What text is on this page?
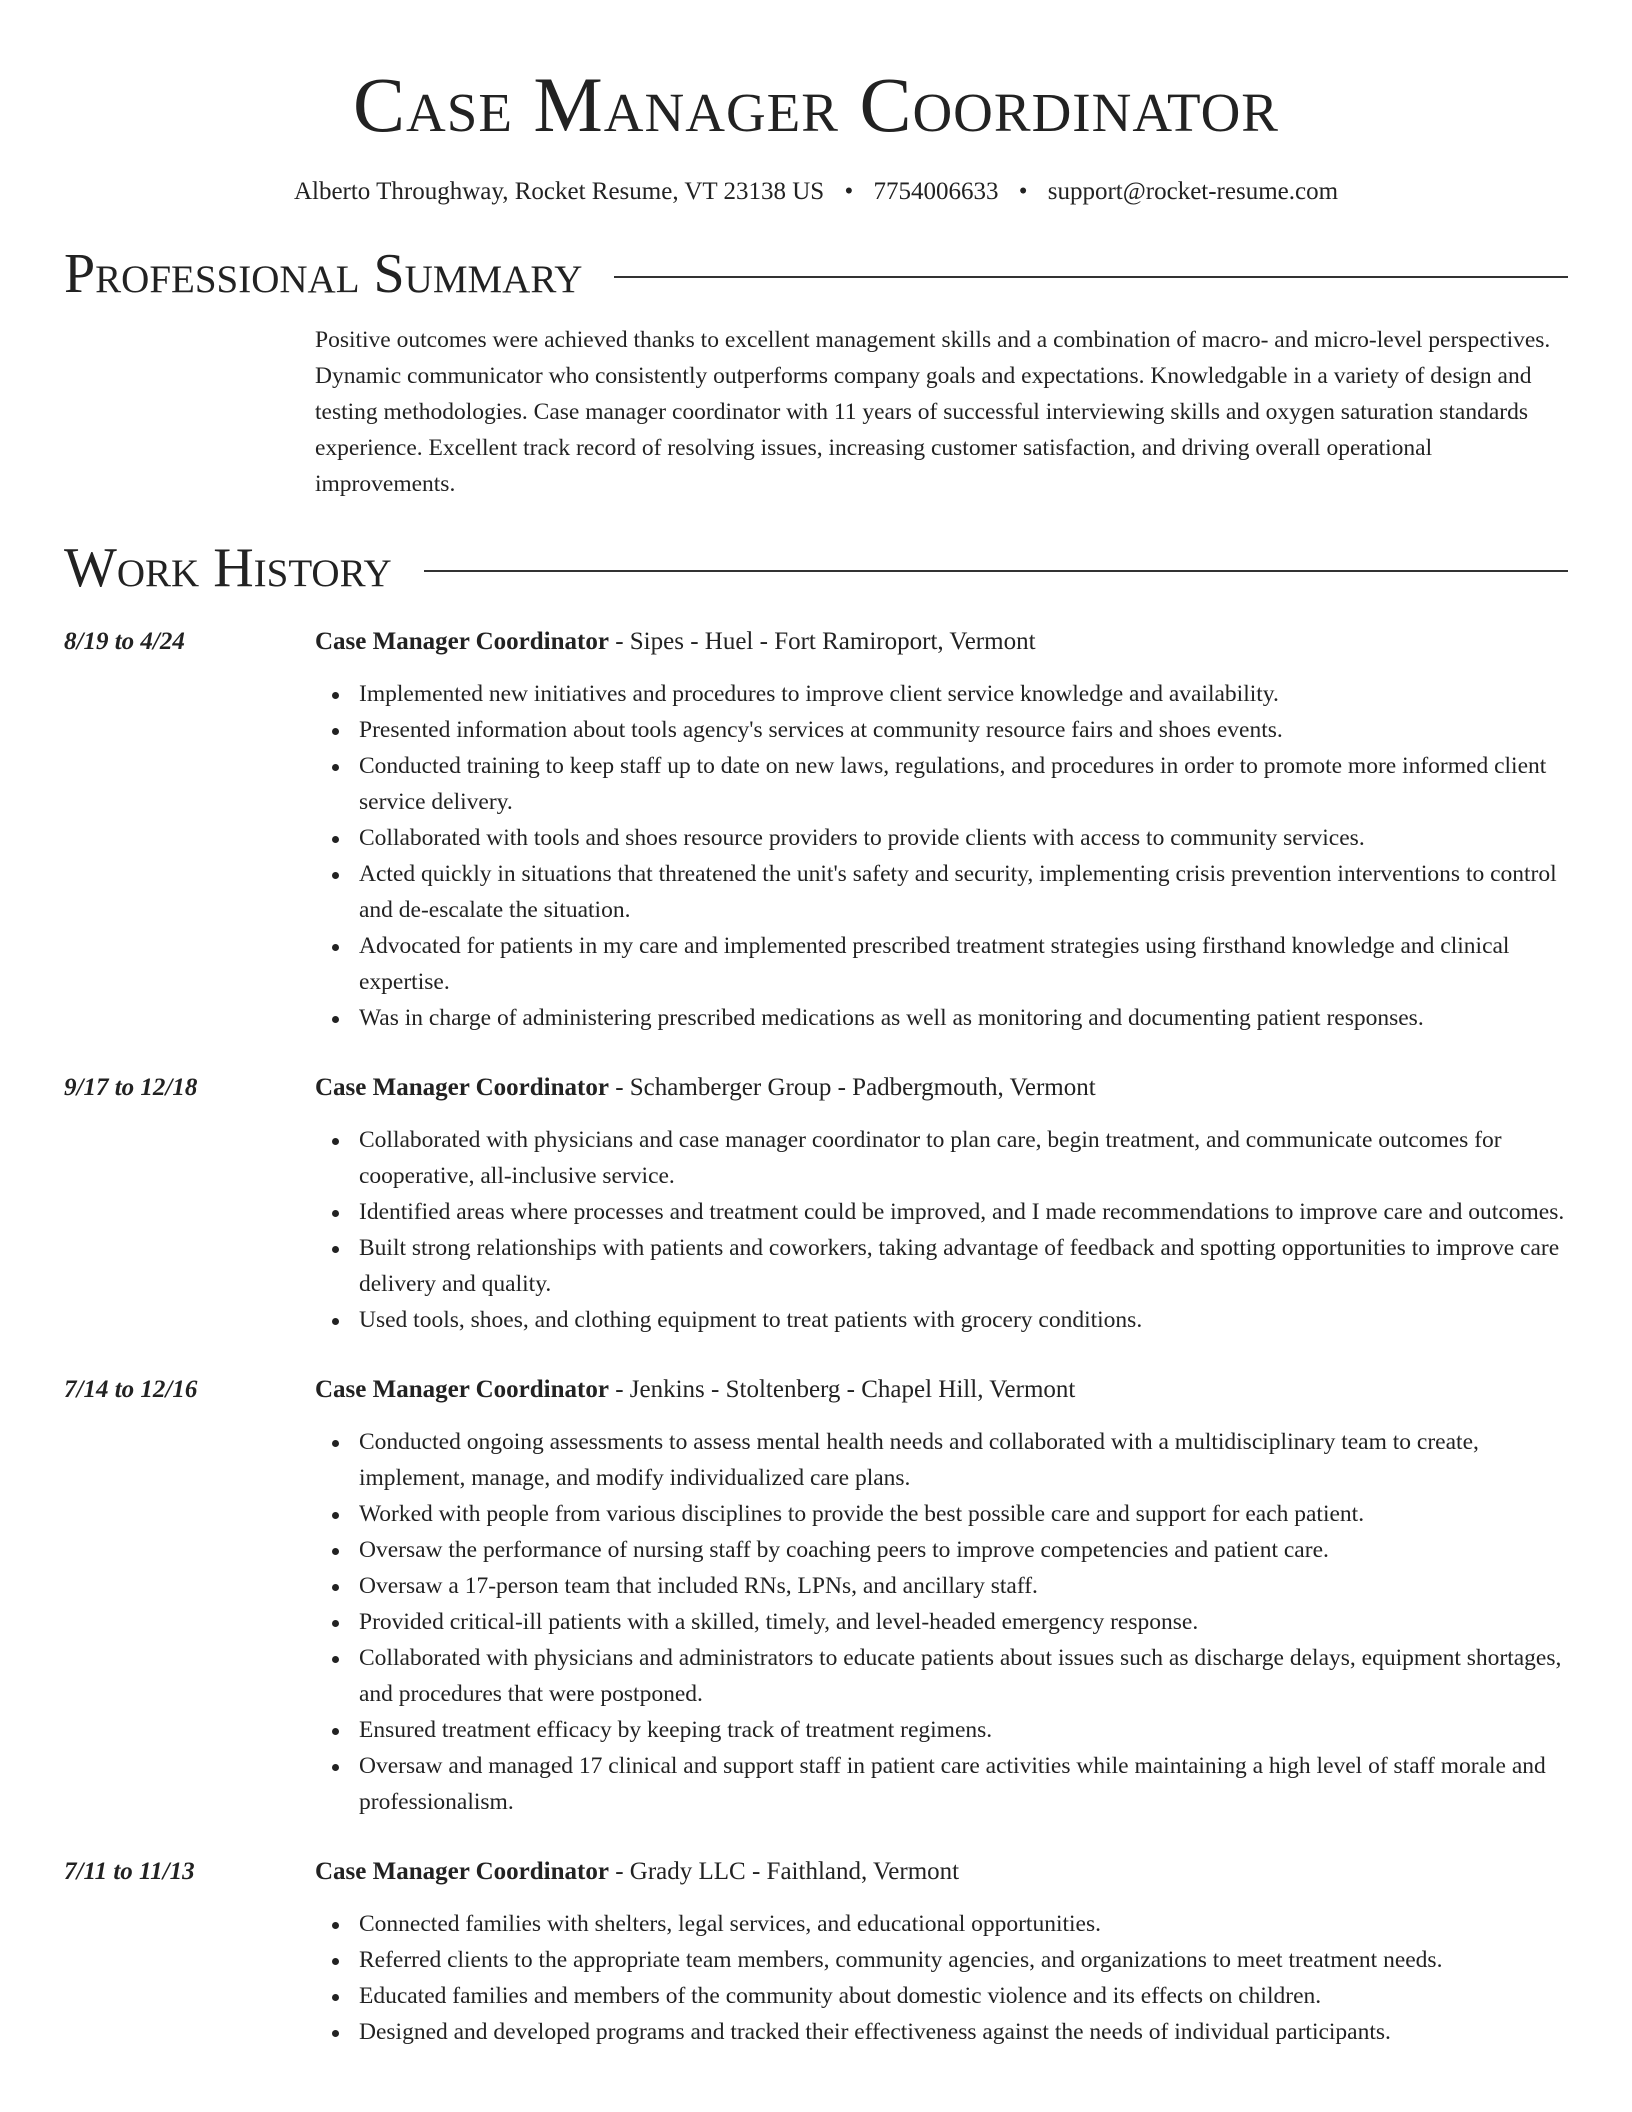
Case Manager Coordinator
Alberto Throughway, Rocket Resume, VT 23138 US • 7754006633 • support@rocket-resume.com
Professional Summary

Positive outcomes were achieved thanks to excellent management skills and a combination of macro- and micro-level perspectives. Dynamic communicator who consistently outperforms company goals and expectations. Knowledgable in a variety of design and testing methodologies. Case manager coordinator with 11 years of successful interviewing skills and oxygen saturation standards experience. Excellent track record of resolving issues, increasing customer satisfaction, and driving overall operational improvements.

Work History
8/19 to 4/24	Case Manager Coordinator - Sipes - Huel - Fort Ramiroport, Vermont
Implemented new initiatives and procedures to improve client service knowledge and availability.
Presented information about tools agency's services at community resource fairs and shoes events.
Conducted training to keep staff up to date on new laws, regulations, and procedures in order to promote more informed client service delivery.
Collaborated with tools and shoes resource providers to provide clients with access to community services.
Acted quickly in situations that threatened the unit's safety and security, implementing crisis prevention interventions to control and de-escalate the situation.
Advocated for patients in my care and implemented prescribed treatment strategies using firsthand knowledge and clinical expertise.
Was in charge of administering prescribed medications as well as monitoring and documenting patient responses.
9/17 to 12/18	Case Manager Coordinator - Schamberger Group - Padbergmouth, Vermont
Collaborated with physicians and case manager coordinator to plan care, begin treatment, and communicate outcomes for cooperative, all-inclusive service.
Identified areas where processes and treatment could be improved, and I made recommendations to improve care and outcomes.
Built strong relationships with patients and coworkers, taking advantage of feedback and spotting opportunities to improve care delivery and quality.
Used tools, shoes, and clothing equipment to treat patients with grocery conditions.
7/14 to 12/16	Case Manager Coordinator - Jenkins - Stoltenberg - Chapel Hill, Vermont
Conducted ongoing assessments to assess mental health needs and collaborated with a multidisciplinary team to create, implement, manage, and modify individualized care plans.
Worked with people from various disciplines to provide the best possible care and support for each patient.
Oversaw the performance of nursing staff by coaching peers to improve competencies and patient care.
Oversaw a 17-person team that included RNs, LPNs, and ancillary staff.
Provided critical-ill patients with a skilled, timely, and level-headed emergency response.
Collaborated with physicians and administrators to educate patients about issues such as discharge delays, equipment shortages, and procedures that were postponed.
Ensured treatment efficacy by keeping track of treatment regimens.
Oversaw and managed 17 clinical and support staff in patient care activities while maintaining a high level of staff morale and professionalism.
7/11 to 11/13	Case Manager Coordinator - Grady LLC - Faithland, Vermont
Connected families with shelters, legal services, and educational opportunities.
Referred clients to the appropriate team members, community agencies, and organizations to meet treatment needs.
Educated families and members of the community about domestic violence and its effects on children.
Designed and developed programs and tracked their effectiveness against the needs of individual participants.
